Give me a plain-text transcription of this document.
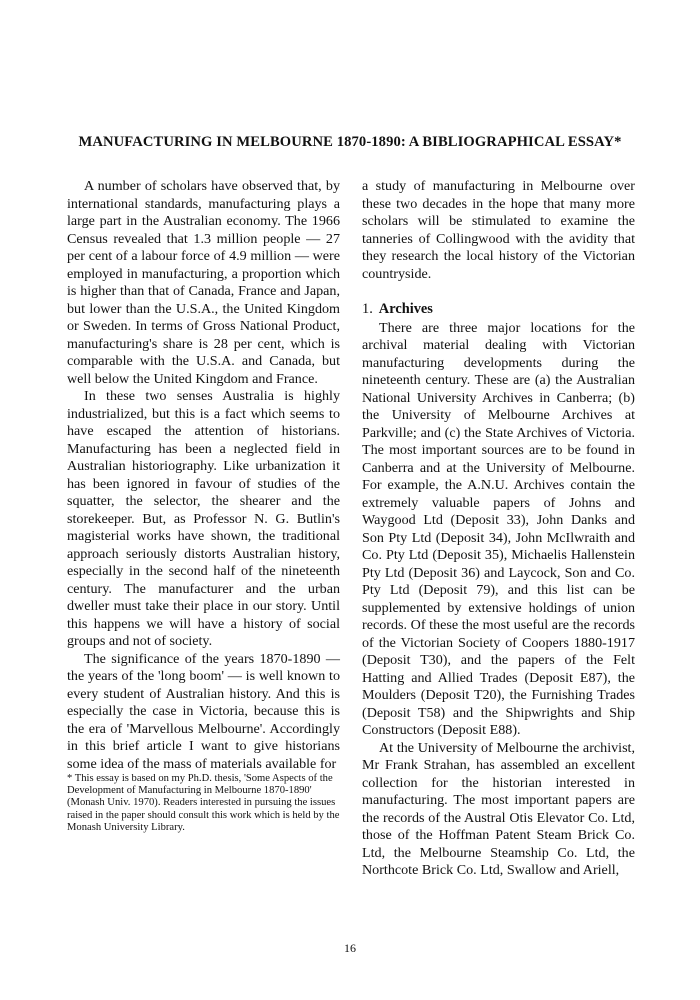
MANUFACTURING IN MELBOURNE 1870-1890: A BIBLIOGRAPHICAL ESSAY*

A number of scholars have observed that, by international standards, manufacturing plays a large part in the Australian economy. The 1966 Census revealed that 1.3 million people — 27 per cent of a labour force of 4.9 million — were employed in manufacturing, a proportion which is higher than that of Canada, France and Japan, but lower than the U.S.A., the United Kingdom or Sweden. In terms of Gross National Product, manufacturing's share is 28 per cent, which is comparable with the U.S.A. and Canada, but well below the United Kingdom and France.

In these two senses Australia is highly industrialized, but this is a fact which seems to have escaped the attention of historians. Manufacturing has been a neglected field in Australian historiography. Like urbanization it has been ignored in favour of studies of the squatter, the selector, the shearer and the storekeeper. But, as Professor N. G. Butlin's magisterial works have shown, the traditional approach seriously distorts Australian history, especially in the second half of the nineteenth century. The manufacturer and the urban dweller must take their place in our story. Until this happens we will have a history of social groups and not of society.

The significance of the years 1870-1890 — the years of the 'long boom' — is well known to every student of Australian history. And this is especially the case in Victoria, because this is the era of 'Marvellous Melbourne'. Accordingly in this brief article I want to give historians some idea of the mass of materials available for

* This essay is based on my Ph.D. thesis, 'Some Aspects of the Development of Manufacturing in Melbourne 1870-1890' (Monash Univ. 1970). Readers interested in pursuing the issues raised in the paper should consult this work which is held by the Monash University Library.

a study of manufacturing in Melbourne over these two decades in the hope that many more scholars will be stimulated to examine the tanneries of Collingwood with the avidity that they research the local history of the Victorian countryside.

1. Archives

There are three major locations for the archival material dealing with Victorian manufacturing developments during the nineteenth century. These are (a) the Australian National University Archives in Canberra; (b) the University of Melbourne Archives at Parkville; and (c) the State Archives of Victoria. The most important sources are to be found in Canberra and at the University of Melbourne. For example, the A.N.U. Archives contain the extremely valuable papers of Johns and Waygood Ltd (Deposit 33), John Danks and Son Pty Ltd (Deposit 34), John McIlwraith and Co. Pty Ltd (Deposit 35), Michaelis Hallenstein Pty Ltd (Deposit 36) and Laycock, Son and Co. Pty Ltd (Deposit 79), and this list can be supplemented by extensive holdings of union records. Of these the most useful are the records of the Victorian Society of Coopers 1880-1917 (Deposit T30), and the papers of the Felt Hatting and Allied Trades (Deposit E87), the Moulders (Deposit T20), the Furnishing Trades (Deposit T58) and the Shipwrights and Ship Constructors (Deposit E88).

At the University of Melbourne the archivist, Mr Frank Strahan, has assembled an excellent collection for the historian interested in manufacturing. The most important papers are the records of the Austral Otis Elevator Co. Ltd, those of the Hoffman Patent Steam Brick Co. Ltd, the Melbourne Steamship Co. Ltd, the Northcote Brick Co. Ltd, Swallow and Ariell,

16
